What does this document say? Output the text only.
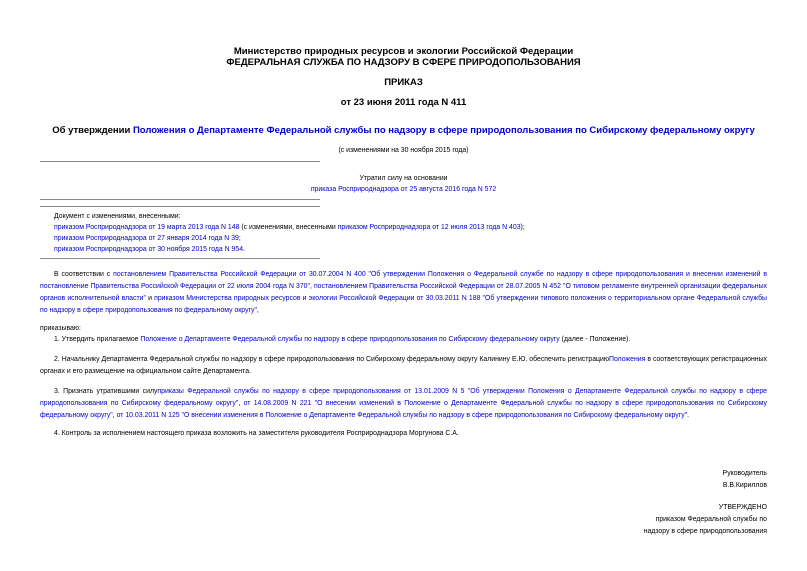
Министерство природных ресурсов и экологии Российской Федерации
ФЕДЕРАЛЬНАЯ СЛУЖБА ПО НАДЗОРУ В СФЕРЕ ПРИРОДОПОЛЬЗОВАНИЯ
ПРИКАЗ
от 23 июня 2011 года N 411
Об утверждении Положения о Департаменте Федеральной службы по надзору в сфере природопользования по Сибирскому федеральному округу
(с изменениями на 30 ноября 2015 года)
Утратил силу на основании
приказа Росприроднадзора от 25 августа 2016 года N 572
Документ с изменениями, внесенными:
приказом Росприроднадзора от 19 марта 2013 года N 148 (с изменениями, внесенными приказом Росприроднадзора от 12 июля 2013 года N 403);
приказом Росприроднадзора от 27 января 2014 года N 39;
приказом Росприроднадзора от 30 ноября 2015 года N 954.
В соответствии с постановлением Правительства Российской Федерации от 30.07.2004 N 400 "Об утверждении Положения о Федеральной службе по надзору в сфере природопользования и внесении изменений в постановление Правительства Российской Федерации от 22 июля 2004 года N 370", постановлением Правительства Российской Федерации от 28.07.2005 N 452 "О типовом регламенте внутренней организации федеральных органов исполнительной власти" и приказом Министерства природных ресурсов и экологии Российской Федерации от 30.03.2011 N 188 "Об утверждении типового положения о территориальном органе Федеральной службы по надзору в сфере природопользования по федеральному округу",
приказываю:
1. Утвердить прилагаемое Положение о Департаменте Федеральной службы по надзору в сфере природопользования по Сибирскому федеральному округу (далее - Положение).
2. Начальнику Департамента Федеральной службы по надзору в сфере природопользования по Сибирскому федеральному округу Калинину Е.Ю. обеспечить регистрациюПоложения в соответствующих регистрационных органах и его размещение на официальном сайте Департамента.
3. Признать утратившими силуприказы Федеральной службы по надзору в сфере природопользования от 13.01.2009 N 5 "Об утверждении Положения о Департаменте Федеральной службы по надзору в сфере природопользования по Сибирскому федеральному округу", от 14.08.2009 N 221 "О внесении изменений в Положение о Департаменте Федеральной службы по надзору в сфере природопользования по Сибирскому федеральному округу", от 10.03.2011 N 125 "О внесении изменения в Положение о Департаменте Федеральной службы по надзору в сфере природопользования по Сибирскому федеральному округу".
4. Контроль за исполнением настоящего приказа возложить на заместителя руководителя Росприроднадзора Моргунова С.А.
Руководитель
В.В.Кириллов
УТВЕРЖДЕНО
приказом Федеральной службы по
надзору в сфере природопользования
